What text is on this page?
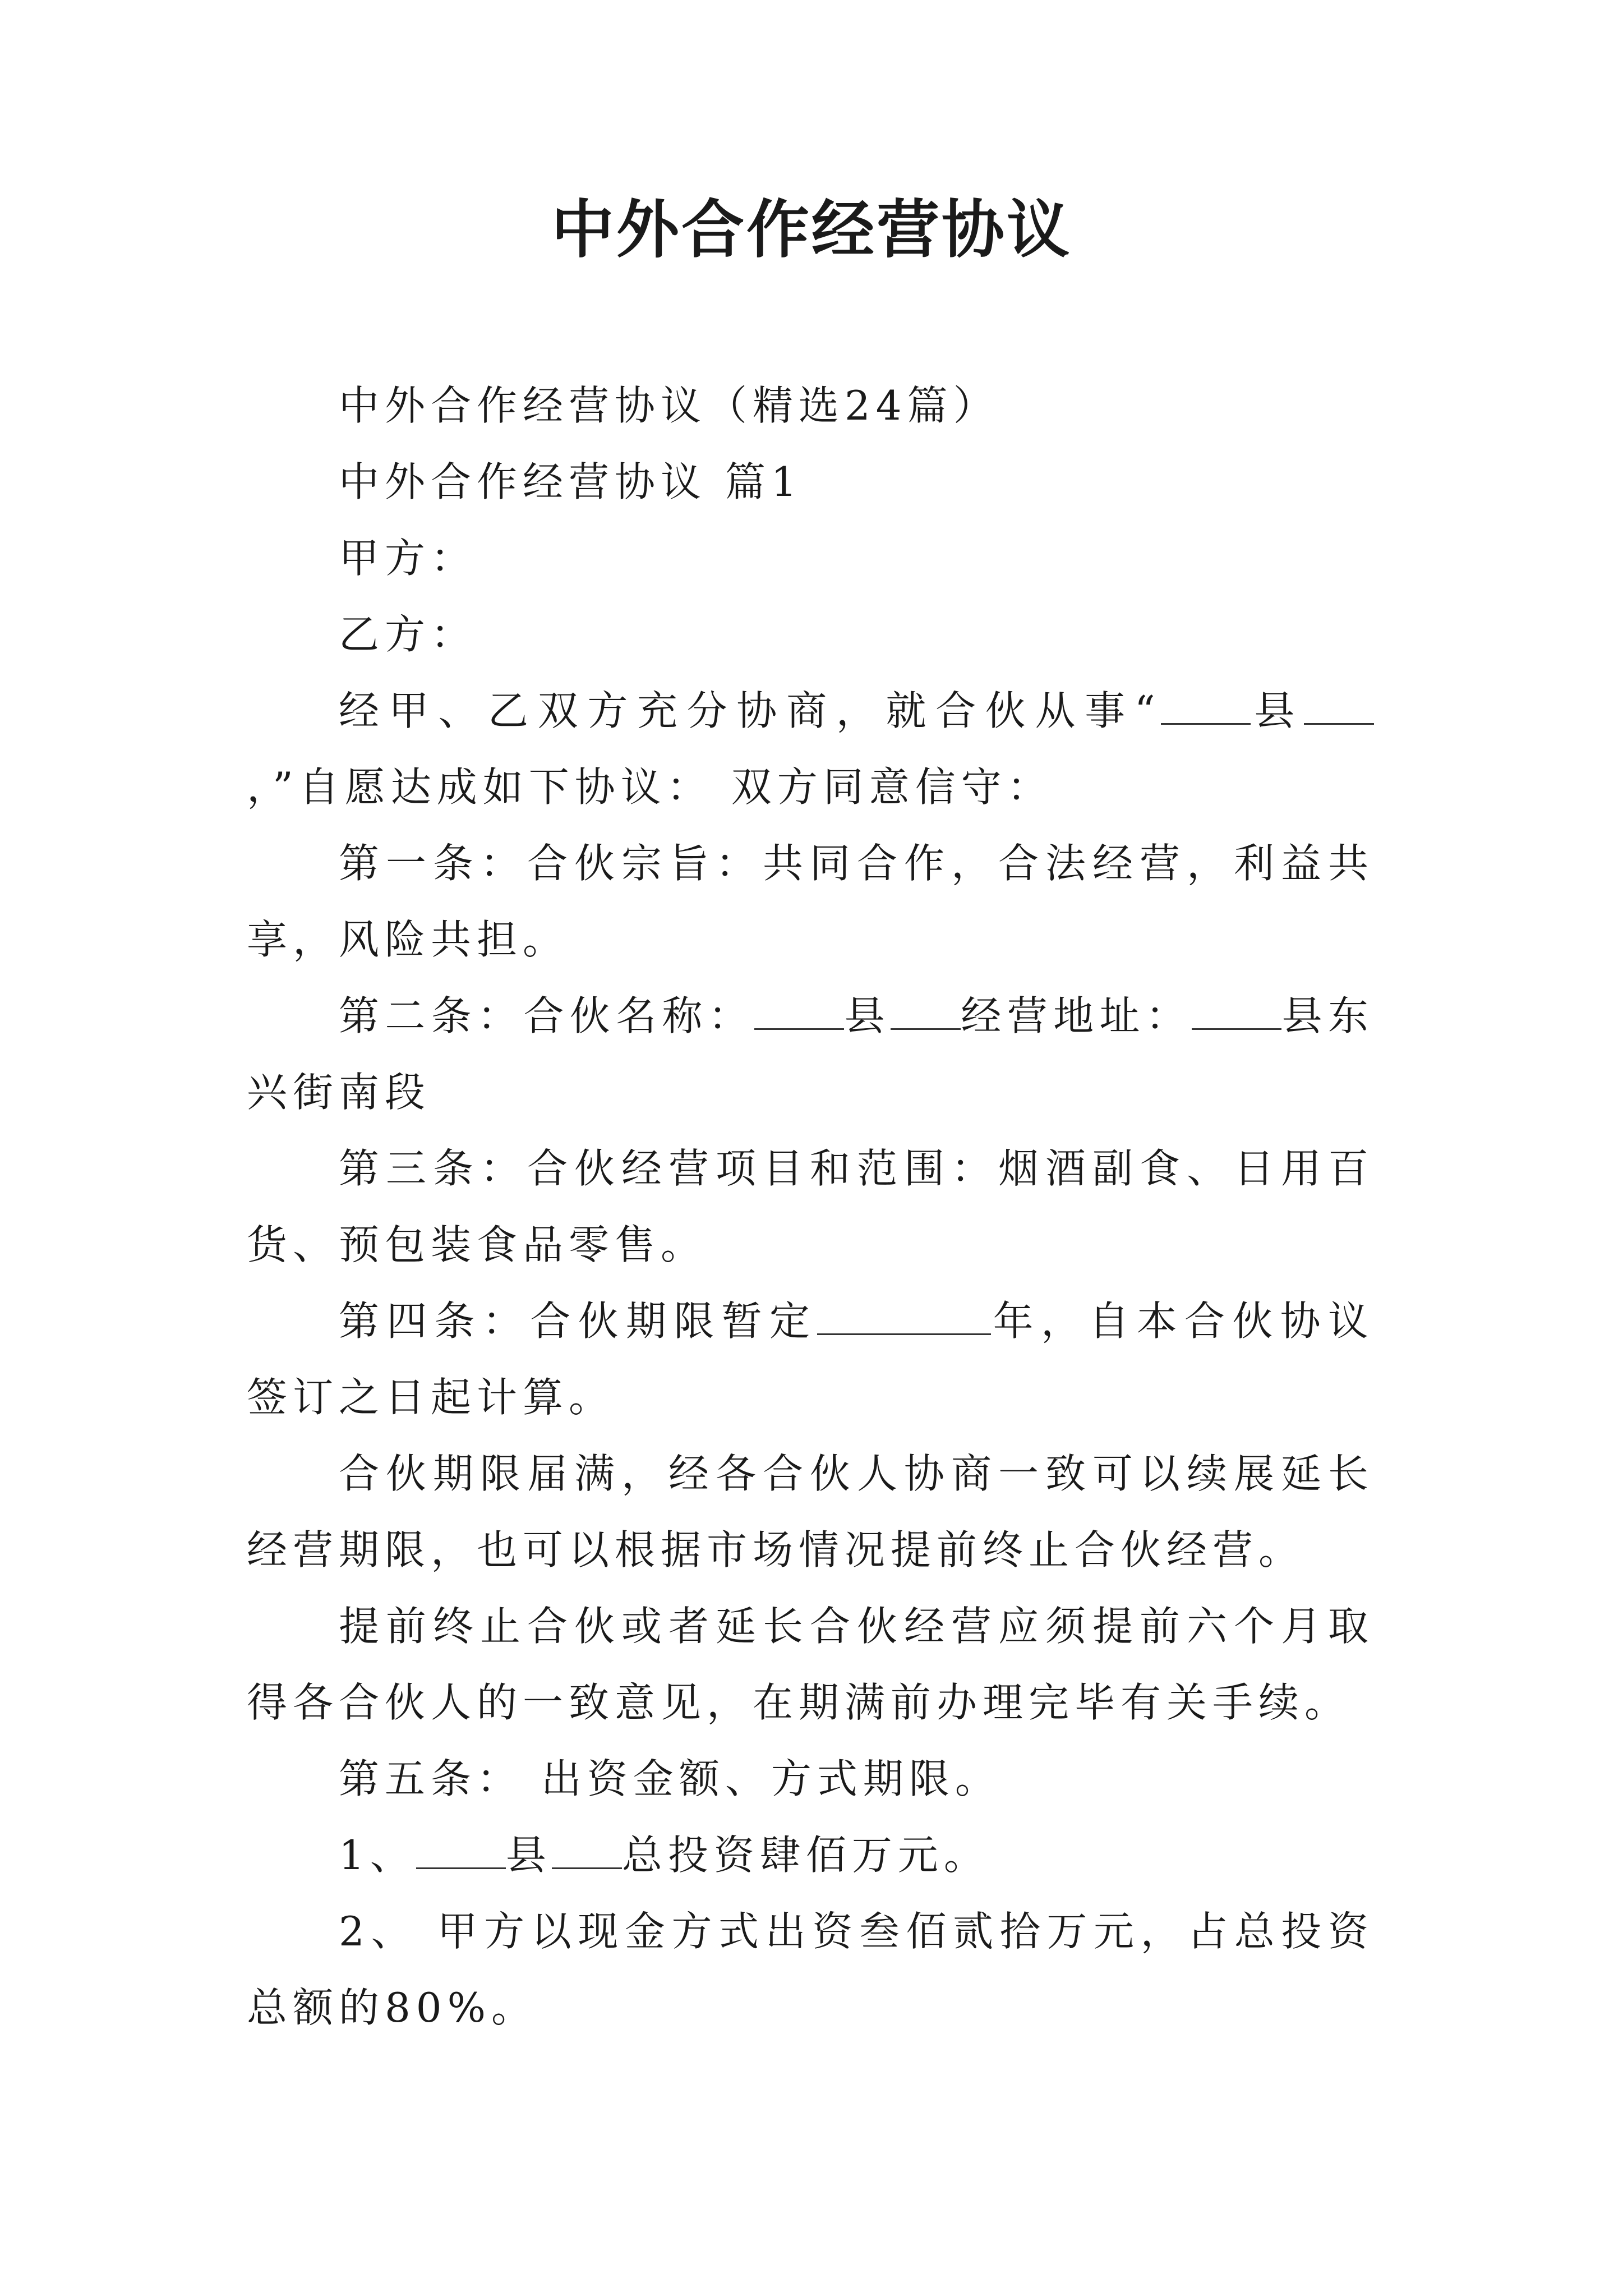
中外合作经营协议

中外合作经营协议（精选24篇）

中外合作经营协议 篇1

甲方：

乙方：

经甲、乙双方充分协商，就合伙从事“ 县，”自愿达成如下协议： 双方同意信守：

第一条：合伙宗旨：共同合作，合法经营，利益共享，风险共担。

第二条：合伙名称： 县 经营地址： 县东兴街南段

第三条：合伙经营项目和范围：烟酒副食、日用百货、预包装食品零售。

第四条：合伙期限暂定	年，自本合伙协议签订之日起计算。

合伙期限届满，经各合伙人协商一致可以续展延长经营期限，也可以根据市场情况提前终止合伙经营。

提前终止合伙或者延长合伙经营应须提前六个月取得各合伙人的一致意见，在期满前办理完毕有关手续。

第五条： 出资金额、方式期限。

1、 县 总投资肆佰万元。

2、 甲方以现金方式出资叁佰贰拾万元，占总投资总额的80%。
